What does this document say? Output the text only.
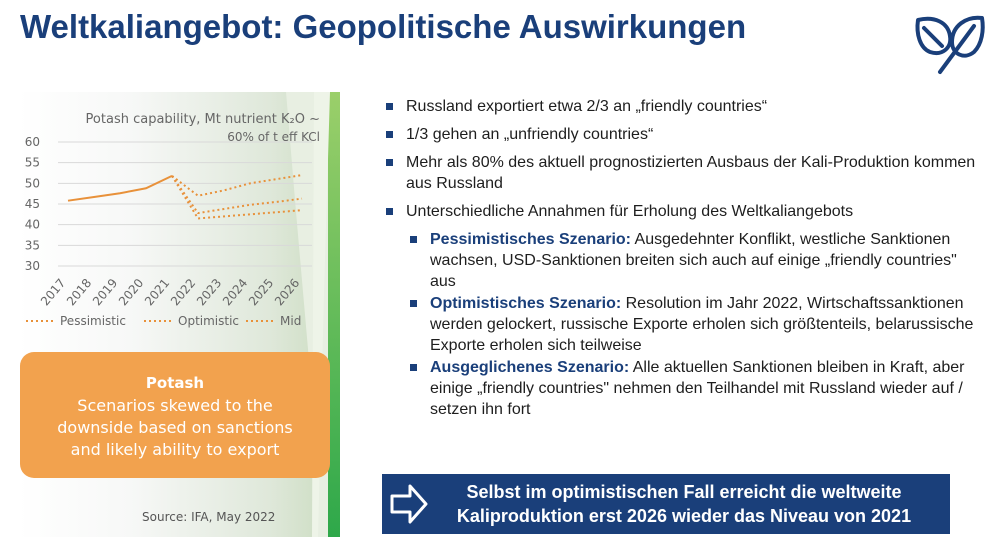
Weltkaliangebot: Geopolitische Auswirkungen
Potash capability, Mt nutrient K₂O ~
60% of t eff KCl
30
35
40
45
50
55
60
2017
2018
2019
2020
2021
2022
2023
2024
2025
2026
Pessimistic	Optimistic	Mid
Potash
Scenarios skewed to the
downside based on sanctions
and likely ability to export
Source: IFA, May 2022
Russland exportiert etwa 2/3 an „friendly countries“
1/3 gehen an „unfriendly countries“
Mehr als 80% des aktuell prognostizierten Ausbaus der Kali-Produktion kommen aus Russland
Unterschiedliche Annahmen für Erholung des Weltkaliangebots
Pessimistisches Szenario: Ausgedehnter Konflikt, westliche Sanktionen wachsen, USD-Sanktionen breiten sich auch auf einige „friendly countries" aus
Optimistisches Szenario: Resolution im Jahr 2022, Wirtschaftssanktionen werden gelockert, russische Exporte erholen sich größtenteils, belarussische Exporte erholen sich teilweise
Ausgeglichenes Szenario: Alle aktuellen Sanktionen bleiben in Kraft, aber einige „friendly countries" nehmen den Teilhandel mit Russland wieder auf / setzen ihn fort
Selbst im optimistischen Fall erreicht die weltweite
Kaliproduktion erst 2026 wieder das Niveau von 2021
